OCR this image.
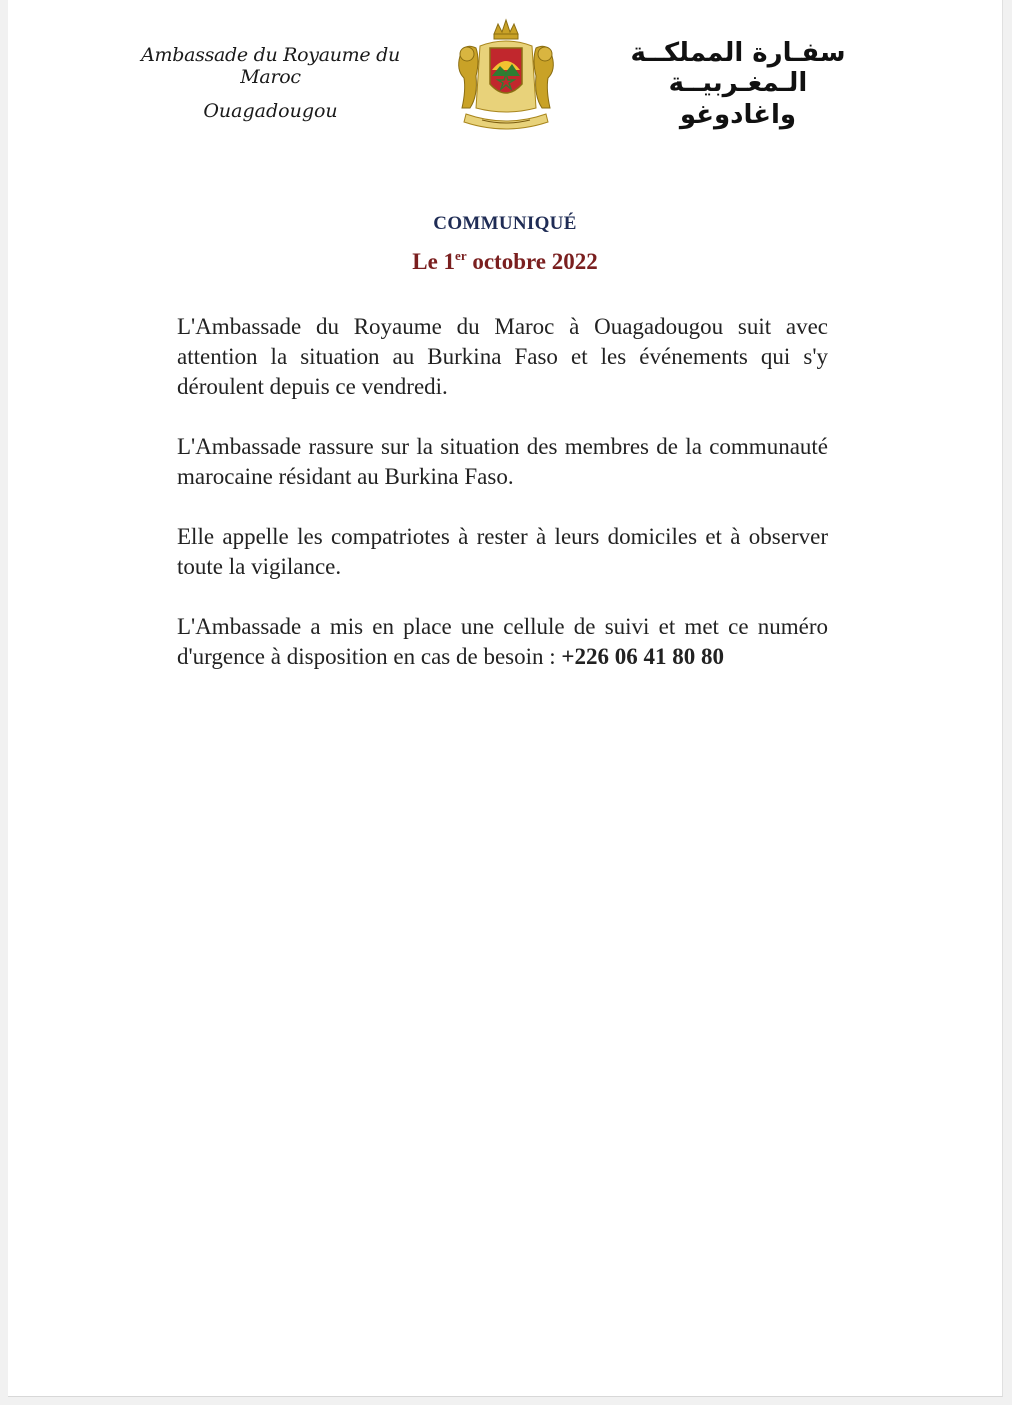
Ambassade du Royaume du Maroc
Ouagadougou
سفـارة المملكــة الـمغـربيــة
واغادوغو
COMMUNIQUÉ
Le 1er octobre 2022

L'Ambassade du Royaume du Maroc à Ouagadougou suit avec attention la situation au Burkina Faso et les événements qui s'y déroulent depuis ce vendredi.

L'Ambassade rassure sur la situation des membres de la communauté marocaine résidant au Burkina Faso.

Elle appelle les compatriotes à rester à leurs domiciles et à observer toute la vigilance.

L'Ambassade a mis en place une cellule de suivi et met ce numéro d'urgence à disposition en cas de besoin : +226 06 41 80 80
